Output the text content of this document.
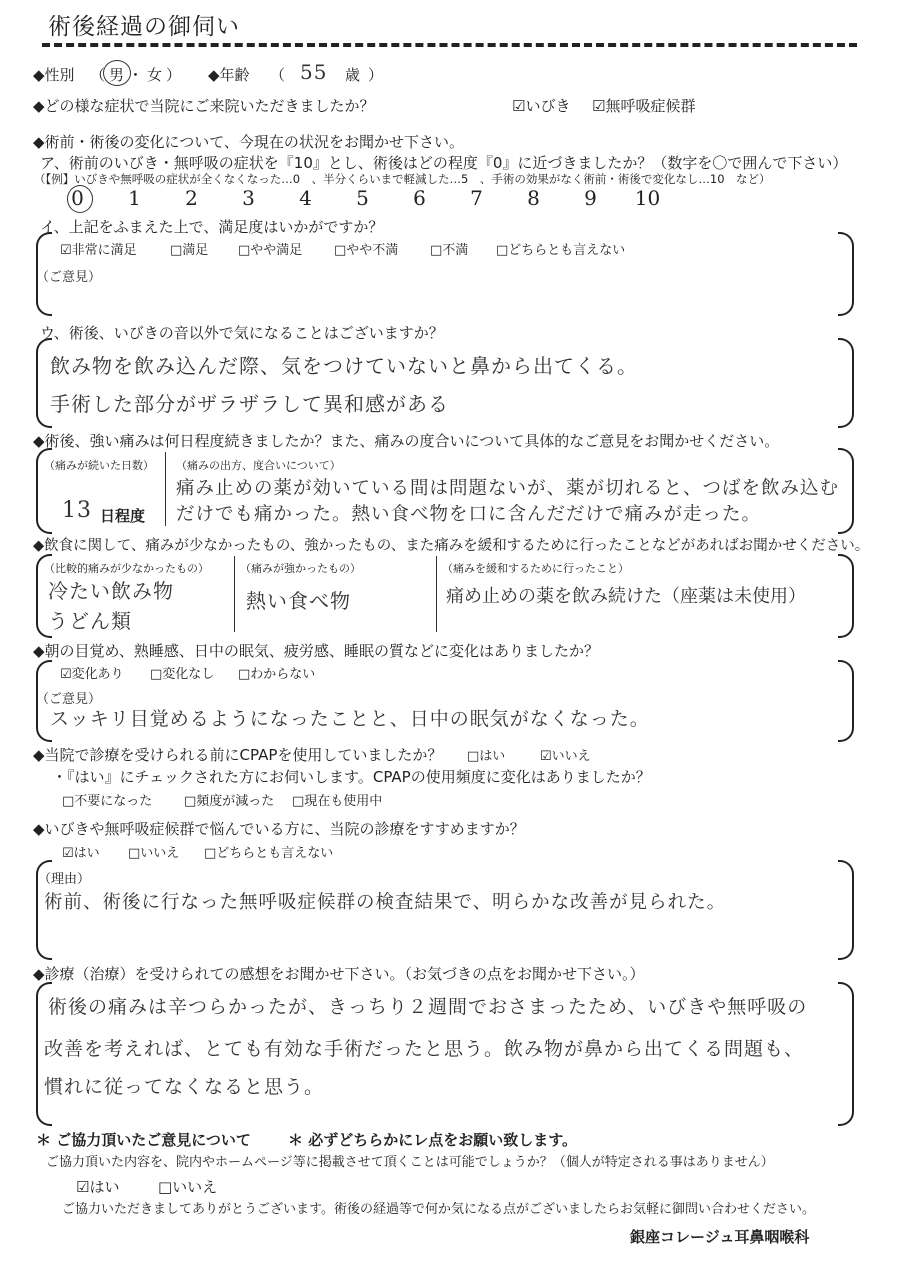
術後経過の御伺い
◆性別 （男・女） ◆年齢 （ 55 歳 ）
◆どの様な症状で当院にご来院いただきましたか？	☑いびき ☑無呼吸症候群
◆術前・術後の変化について、今現在の状況をお聞かせ下さい。
ア、術前のいびき・無呼吸の症状を『10』とし、術後はどの程度『0』に近づきましたか？（数字を〇で囲んで下さい）
（【例】いびきや無呼吸の症状が全くなくなった…0　、半分くらいまで軽減した…5　、手術の効果がなく術前・術後で変化なし…10　など）
0 1 2 3 4 5 6 7 8 9 10
イ、上記をふまえた上で、満足度はいかがですか？
☑非常に満足	□満足 □やや満足 □やや不満 □不満 □どちらとも言えない
（ご意見）
ウ、術後、いびきの音以外で気になることはございますか？
飲み物を飲み込んだ際、気をつけていないと鼻から出てくる。
手術した部分がザラザラして異和感がある
◆術後、強い痛みは何日程度続きましたか？また、痛みの度合いについて具体的なご意見をお聞かせください。
（痛みが続いた日数）
13 日程度
（痛みの出方、度合いについて）
痛み止めの薬が効いている間は問題ないが、薬が切れると、つばを飲み込む
だけでも痛かった。熱い食べ物を口に含んだだけで痛みが走った。
◆飲食に関して、痛みが少なかったもの、強かったもの、また痛みを緩和するために行ったことなどがあればお聞かせください。
（比較的痛みが少なかったもの）
冷たい飲み物
うどん類
（痛みが強かったもの）
熱い食べ物
（痛みを緩和するために行ったこと）
痛め止めの薬を飲み続けた（座薬は未使用）
◆朝の目覚め、熟睡感、日中の眠気、疲労感、睡眠の質などに変化はありましたか？
☑変化あり □変化なし □わからない
（ご意見）
スッキリ目覚めるようになったことと、日中の眠気がなくなった。
◆当院で診療を受けられる前にCPAPを使用していましたか？ □はい	☑いいえ
・『はい』にチェックされた方にお伺いします。CPAPの使用頻度に変化はありましたか？
□不要になった □頻度が減った □現在も使用中
◆いびきや無呼吸症候群で悩んでいる方に、当院の診療をすすめますか？
☑はい □いいえ □どちらとも言えない
（理由）
術前、術後に行なった無呼吸症候群の検査結果で、明らかな改善が見られた。
◆診療（治療）を受けられての感想をお聞かせ下さい。（お気づきの点をお聞かせ下さい。）
術後の痛みは辛つらかったが、きっちり２週間でおさまったため、いびきや無呼吸の
改善を考えれば、とても有効な手術だったと思う。飲み物が鼻から出てくる問題も、
慣れに従ってなくなると思う。
＊ ご協力頂いたご意見について ＊ 必ずどちらかにレ点をお願い致します。
ご協力頂いた内容を、院内やホームページ等に掲載させて頂くことは可能でしょうか？（個人が特定される事はありません）
☑はい	□いいえ
ご協力いただきましてありがとうございます。術後の経過等で何か気になる点がございましたらお気軽に御問い合わせください。
銀座コレージュ耳鼻咽喉科
